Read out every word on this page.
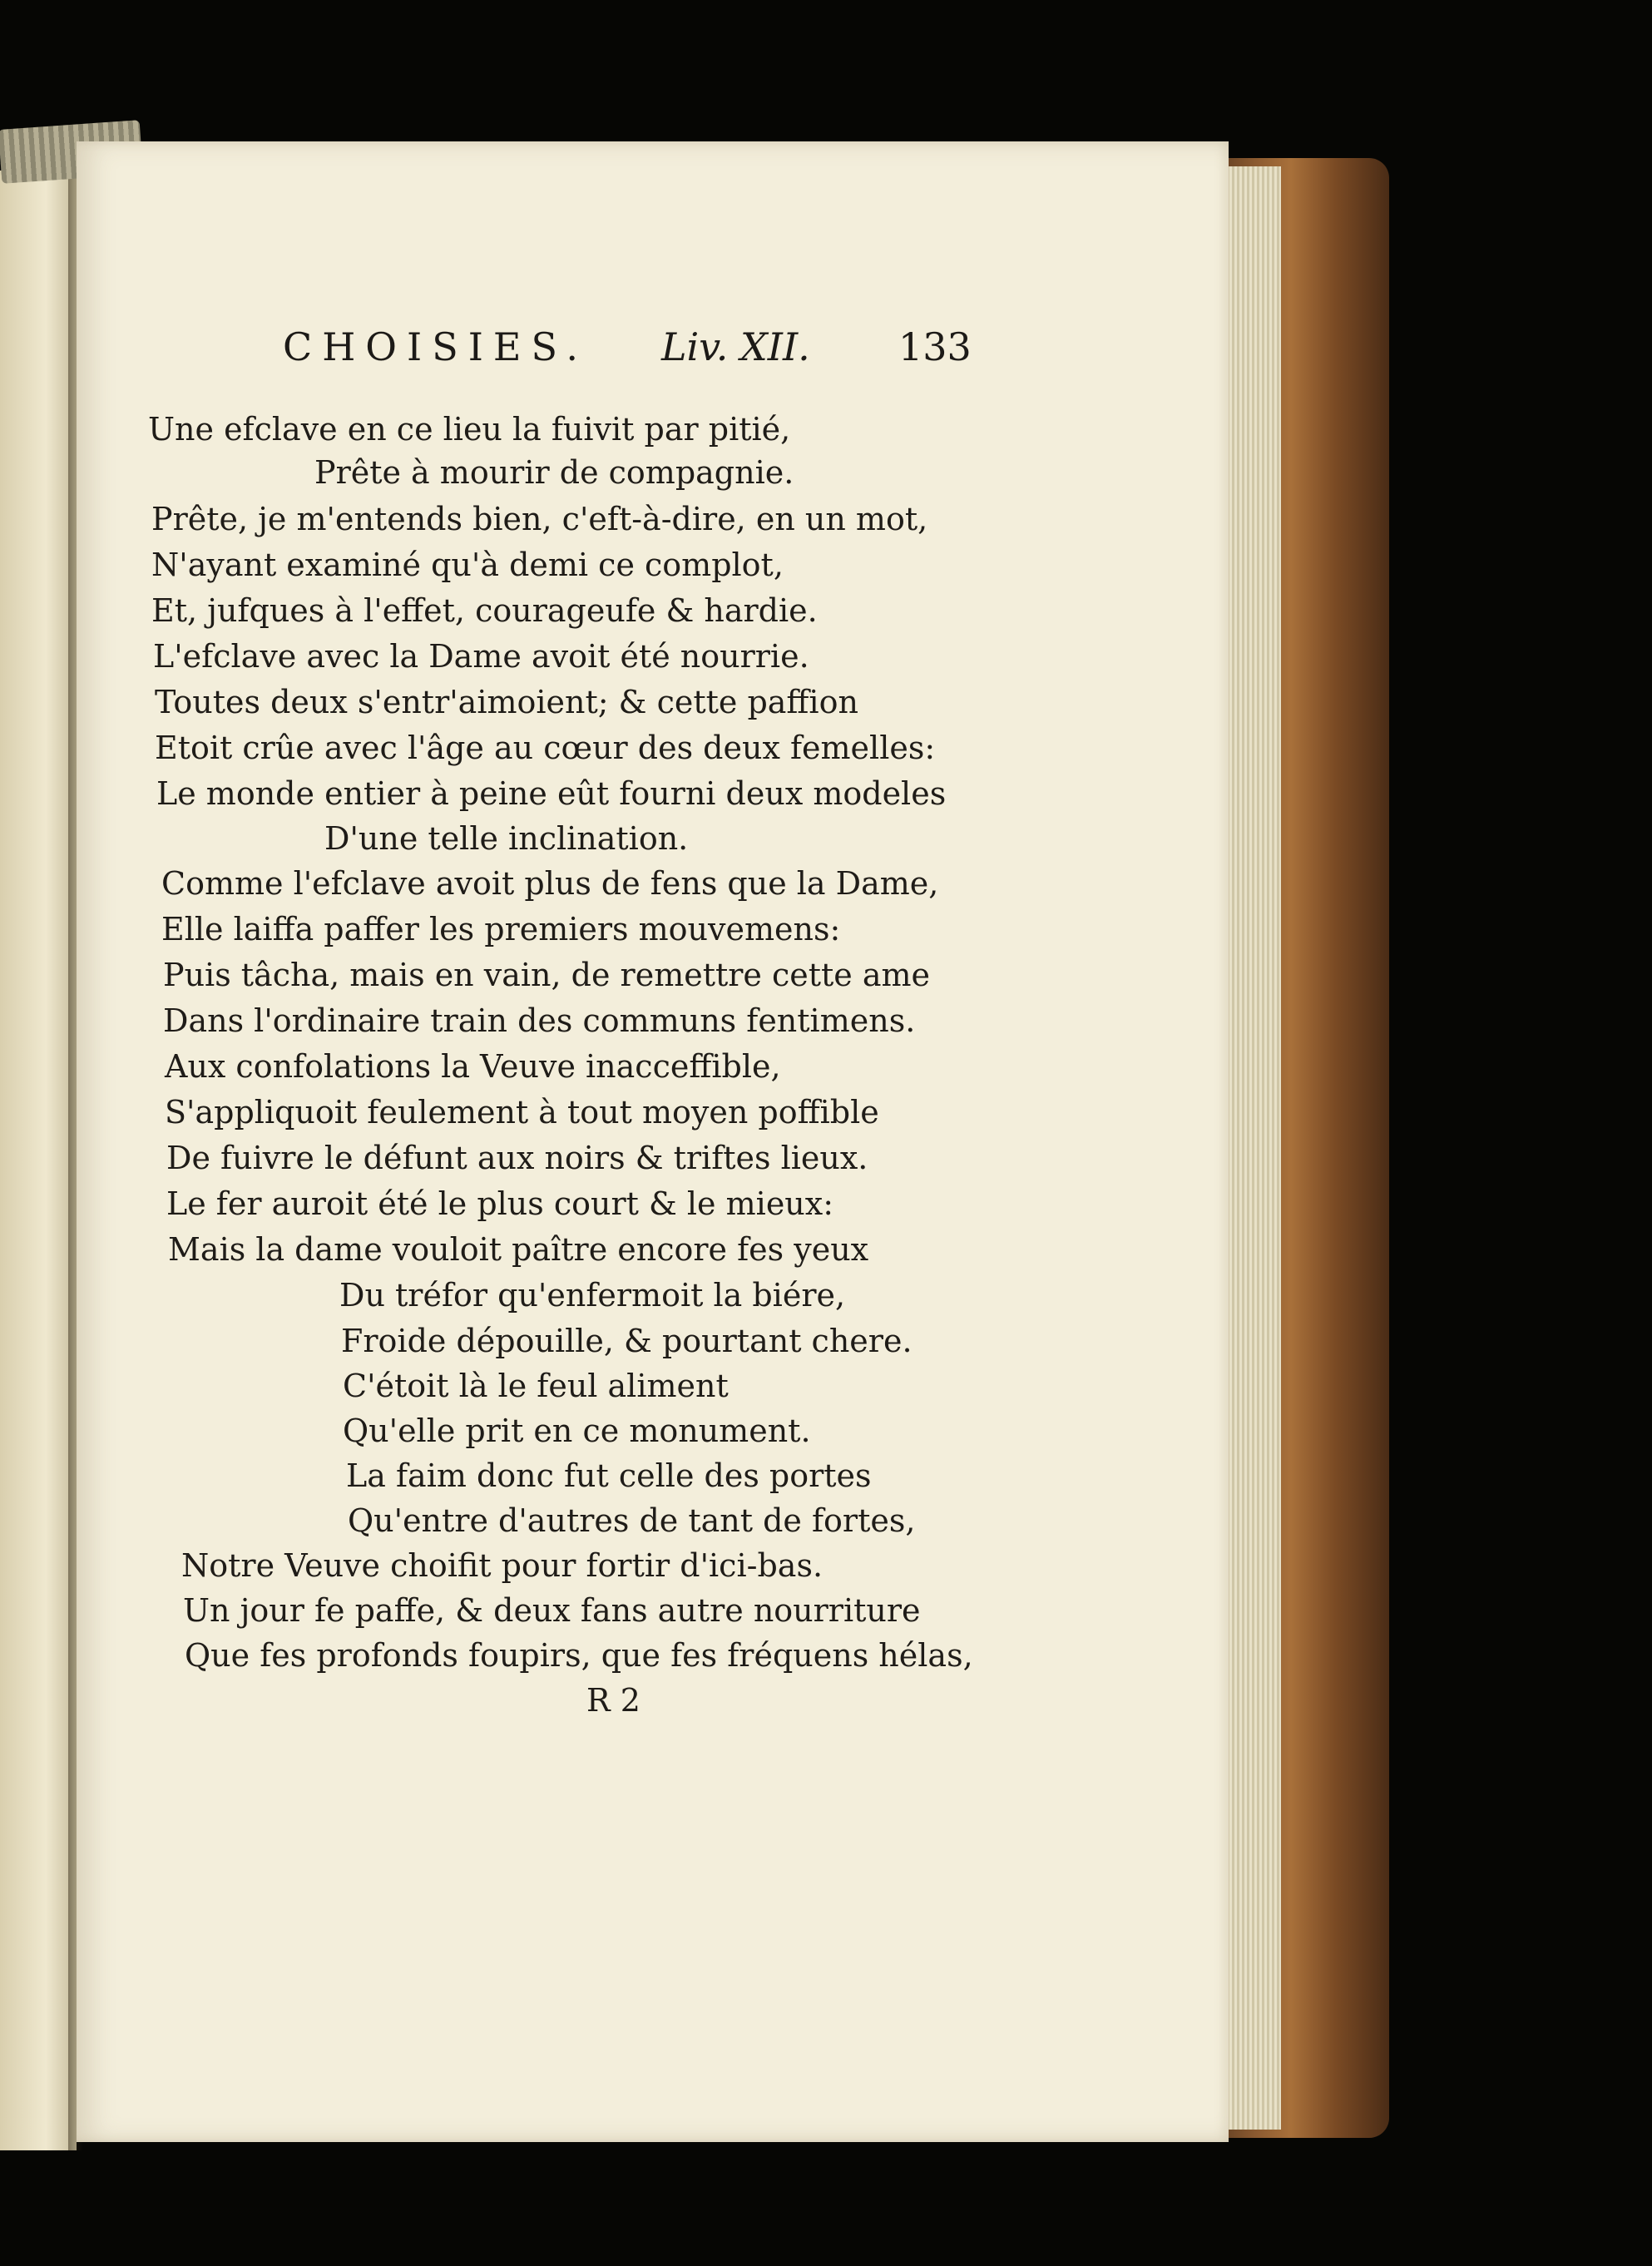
CHOISIES. Liv. XII. 133
Une efclave en ce lieu la fuivit par pitié,
Prête à mourir de compagnie.
Prête, je m'entends bien, c'eft-à-dire, en un mot,
N'ayant examiné qu'à demi ce complot,
Et, jufques à l'effet, courageufe & hardie.
L'efclave avec la Dame avoit été nourrie.
Toutes deux s'entr'aimoient; & cette paffion
Etoit crûe avec l'âge au cœur des deux femelles:
Le monde entier à peine eût fourni deux modeles
D'une telle inclination.
Comme l'efclave avoit plus de fens que la Dame,
Elle laiffa paffer les premiers mouvemens:
Puis tâcha, mais en vain, de remettre cette ame
Dans l'ordinaire train des communs fentimens.
Aux confolations la Veuve inacceffible,
S'appliquoit feulement à tout moyen poffible
De fuivre le défunt aux noirs & triftes lieux.
Le fer auroit été le plus court & le mieux:
Mais la dame vouloit paître encore fes yeux
Du tréfor qu'enfermoit la biére,
Froide dépouille, & pourtant chere.
C'étoit là le feul aliment
Qu'elle prit en ce monument.
La faim donc fut celle des portes
Qu'entre d'autres de tant de fortes,
Notre Veuve choifit pour fortir d'ici-bas.
Un jour fe paffe, & deux fans autre nourriture
Que fes profonds foupirs, que fes fréquens hélas,
R 2
